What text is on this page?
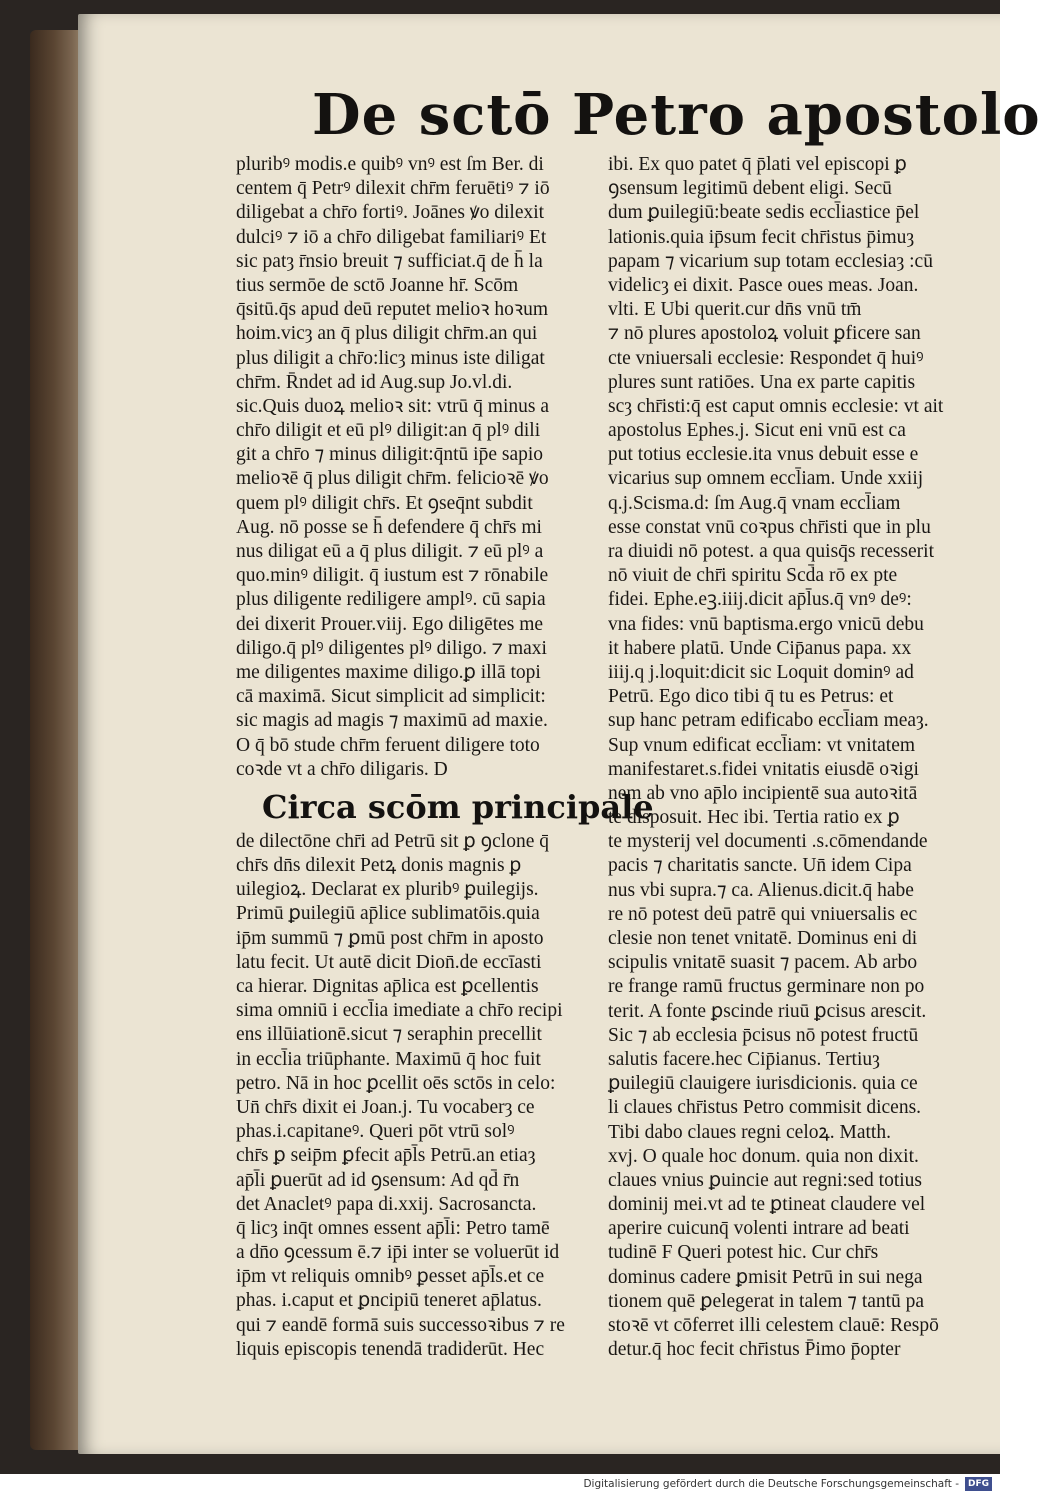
De sctō Petro apostolo
pluribꝰ modis.e quibꝰ vnꝰ est ſm Ber. di
centem q̄ Petrꝰ dilexit chr̄m feruētiꝰ ⁊ iō
diligebat a chr̄o fortiꝰ. Joānes ꝟo dilexit
dulciꝰ ⁊ iō a chr̄o diligebat familiariꝰ Et
sic patȝ r̄nsio breuit ⁊ sufficiat.q̄ de h̄ la
tius sermōe de sctō Joanne hr̄. Scōm
q̄sitū.q̄s apud deū reputet melioꝛ hoꝛum
hoim.vicȝ an q̄ plus diligit chr̄m.an qui
plus diligit a chr̄o:licȝ minus iste diligat
chr̄m. R̄ndet ad id Aug.sup Jo.vl.di.
sic.Quis duoꝝ melioꝛ sit: vtrū q̄ minus a
chr̄o diligit et eū plꝰ diligit:an q̄ plꝰ dili
git a chr̄o ⁊ minus diligit:q̄ntū ip̄e sapio
melioꝛē q̄ plus diligit chr̄m. felicioꝛē ꝟo
quem plꝰ diligit chr̄s. Et ꝯseq̄nt subdit
Aug. nō posse se h̄ defendere q̄ chr̄s mi
nus diligat eū a q̄ plus diligit. ⁊ eū plꝰ a
quo.minꝰ diligit. q̄ iustum est ⁊ rōnabile
plus diligente rediligere amplꝰ. cū sapia
dei dixerit Prouer.viij. Ego diligētes me
diligo.q̄ plꝰ diligentes plꝰ diligo. ⁊ maxi
me diligentes maxime diligo.ꝑ illā topi
cā maximā. Sicut simplicit ad simplicit:
sic magis ad magis ⁊ maximū ad maxie.
O q̄ bō stude chr̄m feruent diligere toto
coꝛde vt a chr̄o diligaris. D
Circa scōm principale
de dilectōne chr̄i ad Petrū sit ꝑ ꝯclone q̄
chr̄s dn̄s dilexit Petꝝ donis magnis ꝑ
uilegioꝝ. Declarat ex pluribꝰ ꝑuilegijs.
Primū ꝑuilegiū ap̄lice sublimatōis.quia
ip̄m summū ⁊ ꝑmū post chr̄m in aposto
latu fecit. Ut autē dicit Dion̄.de eccīasti
ca hierar. Dignitas ap̄lica est ꝑcellentis
sima omniū i eccl̄ia imediate a chr̄o recipi
ens illūiationē.sicut ⁊ seraphin precellit
in eccl̄ia triūphante. Maximū q̄ hoc fuit
petro. Nā in hoc ꝑcellit oēs sctōs in celo:
Un̄ chr̄s dixit ei Joan.j. Tu vocaberȝ ce
phas.i.capitaneꝰ. Queri pōt vtrū solꝰ
chr̄s ꝑ seip̄m ꝑfecit ap̄l̄s Petrū.an etiaȝ
ap̄l̄i ꝑuerūt ad id ꝯsensum: Ad qd̄ r̄n
det Anacletꝰ papa di.xxij. Sacrosancta.
q̄ licȝ inq̄t omnes essent ap̄l̄i: Petro tamē
a dn̄o ꝯcessum ē.⁊ ip̄i inter se voluerūt id
ip̄m vt reliquis omnibꝰ ꝑesset ap̄l̄s.et ce
phas. i.caput et ꝑncipiū teneret ap̄latus.
qui ⁊ eandē formā suis successoꝛibus ⁊ re
liquis episcopis tenendā tradiderūt. Hec
ibi. Ex quo patet q̄ p̄lati vel episcopi ꝑ
ꝯsensum legitimū debent eligi. Secū
dum ꝑuilegiū:beate sedis eccl̄iastice p̄el
lationis.quia ip̄sum fecit chr̄istus p̄imuȝ
papam ⁊ vicarium sup totam ecclesiaȝ :cū
videlicȝ ei dixit. Pasce oues meas. Joan.
vlti. E Ubi querit.cur dn̄s vnū tm̄
⁊ nō plures apostoloꝝ voluit ꝑficere san
cte vniuersali ecclesie: Respondet q̄ huiꝰ
plures sunt ratiōes. Una ex parte capitis
scȝ chr̄isti:q̄ est caput omnis ecclesie: vt ait
apostolus Ephes.j. Sicut eni vnū est ca
put totius ecclesie.ita vnus debuit esse e
vicarius sup omnem eccl̄iam. Unde xxiij
q.j.Scisma.d: ſm Aug.q̄ vnam eccl̄iam
esse constat vnū coꝛpus chr̄isti que in plu
ra diuidi nō potest. a qua quisq̄s recesserit
nō viuit de chr̄i spiritu Scd̄a rō ex pte
fidei. Ephe.eꝫ.iiij.dicit ap̄l̄us.q̄ vnꝰ deꝰ:
vna fides: vnū baptisma.ergo vnicū debu
it habere platū. Unde Cip̄anus papa. xx
iiij.q j.loquit:dicit sic Loquit dominꝰ ad
Petrū. Ego dico tibi q̄ tu es Petrus: et
sup hanc petram edificabo eccl̄iam meaȝ.
Sup vnum edificat eccl̄iam: vt vnitatem
manifestaret.s.fidei vnitatis eiusdē oꝛigi
nem ab vno ap̄lo incipientē sua autoꝛitā
te disposuit. Hec ibi. Tertia ratio ex ꝑ
te mysterij vel documenti .s.cōmendande
pacis ⁊ charitatis sancte. Un̄ idem Cipa
nus vbi supra.⁊ ca. Alienus.dicit.q̄ habe
re nō potest deū patrē qui vniuersalis ec
clesie non tenet vnitatē. Dominus eni di
scipulis vnitatē suasit ⁊ pacem. Ab arbo
re frange ramū fructus germinare non po
terit. A fonte ꝑscinde riuū ꝑcisus arescit.
Sic ⁊ ab ecclesia p̄cisus nō potest fructū
salutis facere.hec Cip̄ianus. Tertiuȝ
ꝑuilegiū clauigere iurisdicionis. quia ce
li claues chr̄istus Petro commisit dicens.
Tibi dabo claues regni celoꝝ. Matth.
xvj. O quale hoc donum. quia non dixit.
claues vnius ꝑuincie aut regni:sed totius
dominij mei.vt ad te ꝑtineat claudere vel
aperire cuicunq̄ volenti intrare ad beati
tudinē F Queri potest hic. Cur chr̄s
dominus cadere ꝑmisit Petrū in sui nega
tionem quē ꝑelegerat in talem ⁊ tantū pa
stoꝛē vt cōferret illi celestem clauē: Respō
detur.q̄ hoc fecit chr̄istus P̄imo p̄opter
Digitalisierung gefördert durch die Deutsche Forschungsgemeinschaft -	DFG
